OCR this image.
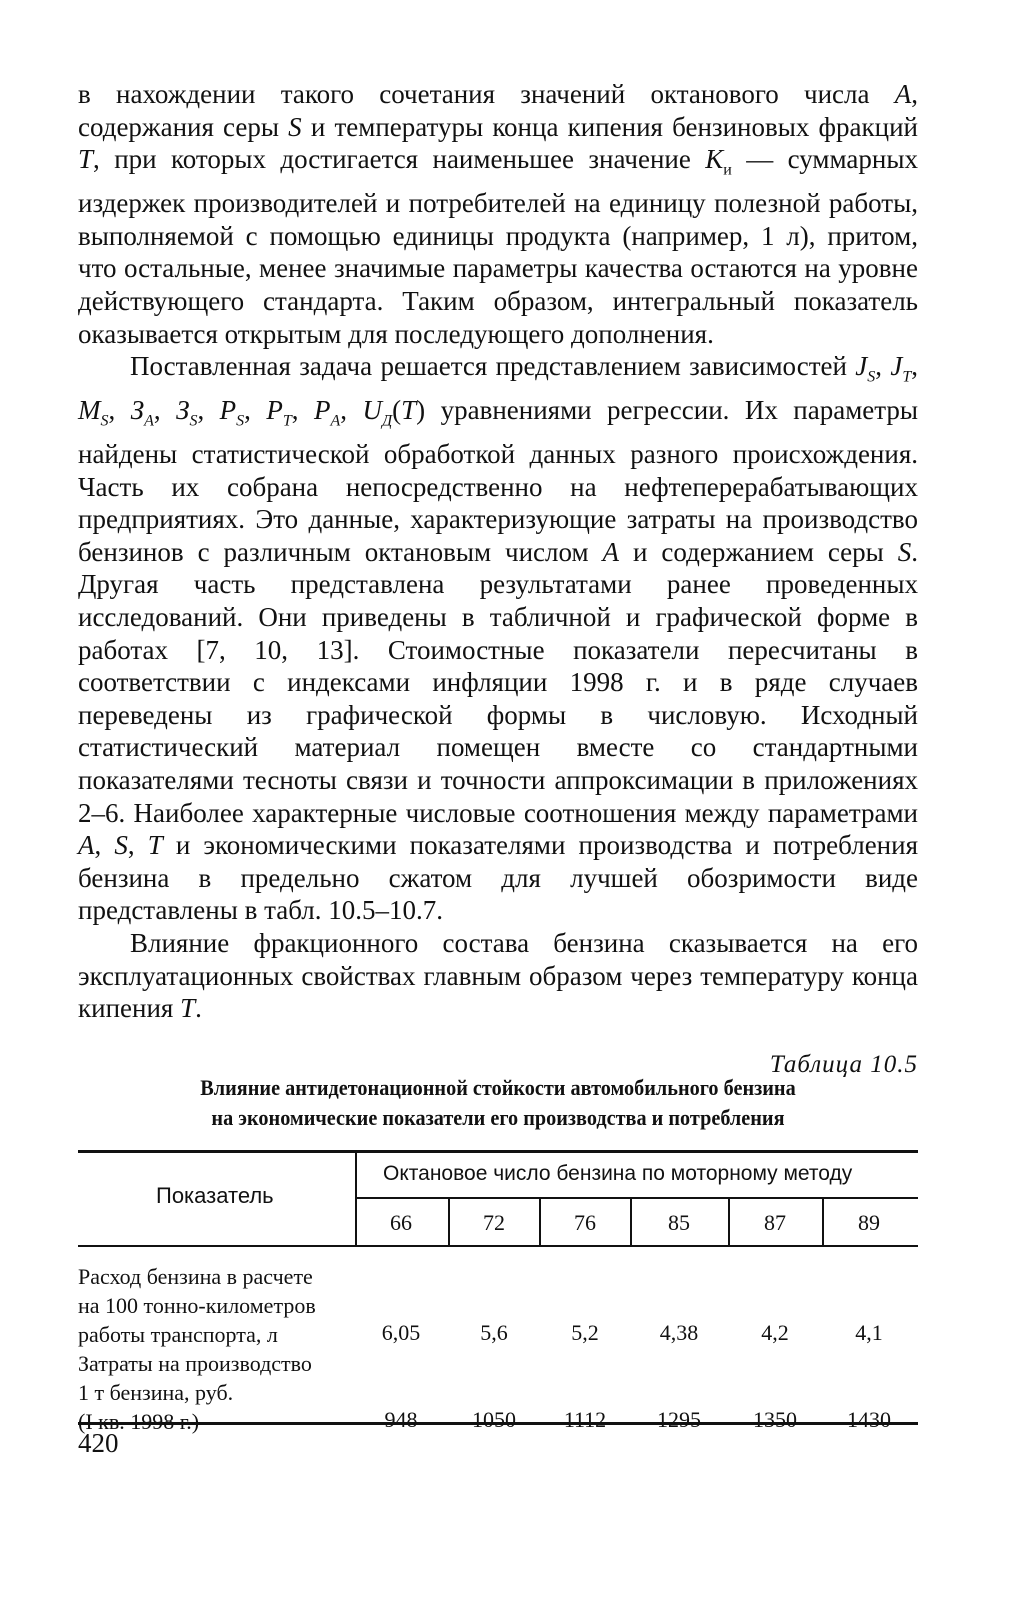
в нахождении такого сочетания значений октанового числа A, содержания серы S и температуры конца кипения бензиновых фракций T, при которых достигается наименьшее значение $K_и$ — суммарных издержек производителей и потребителей на единицу полезной работы, выполняемой с помощью единицы продукта (например, 1 л), притом, что остальные, менее значимые параметры качества остаются на уровне действующего стандарта. Таким образом, интегральный показатель оказывается открытым для последующего дополнения.

Поставленная задача решается представлением зависимостей $J_S$, $J_T$, $M_S$, $З_A$, $З_S$, $P_S$, $P_T$, $P_A$, $U_Д(T)$ уравнениями регрессии. Их параметры найдены статистической обработкой данных разного происхождения. Часть их собрана непосредственно на нефтеперерабатывающих предприятиях. Это данные, характеризующие затраты на производство бензинов с различным октановым числом A и содержанием серы S. Другая часть представлена результатами ранее проведенных исследований. Они приведены в табличной и графической форме в работах [7, 10, 13]. Стоимостные показатели пересчитаны в соответствии с индексами инфляции 1998 г. и в ряде случаев переведены из графической формы в числовую. Исходный статистический материал помещен вместе со стандартными показателями тесноты связи и точности аппроксимации в приложениях 2–6. Наиболее характерные числовые соотношения между параметрами A, S, T и экономическими показателями производства и потребления бензина в предельно сжатом для лучшей обозримости виде представлены в табл. 10.5–10.7.

Влияние фракционного состава бензина сказывается на его эксплуатационных свойствах главным образом через температуру конца кипения T.

Таблица 10.5
Влияние антидетонационной стойкости автомобильного бензина
на экономические показатели его производства и потребления
Показатель
Октановое число бензина по моторному методу
66	72	76	85	87	89
Расход бензина в расчете
на 100 тонно-километров
работы транспорта, л	6,05	5,6	5,2	4,38	4,2	4,1
Затраты на производство
1 т бензина, руб.
(I кв. 1998 г.)	948	1050	1112	1295	1350	1430
420
